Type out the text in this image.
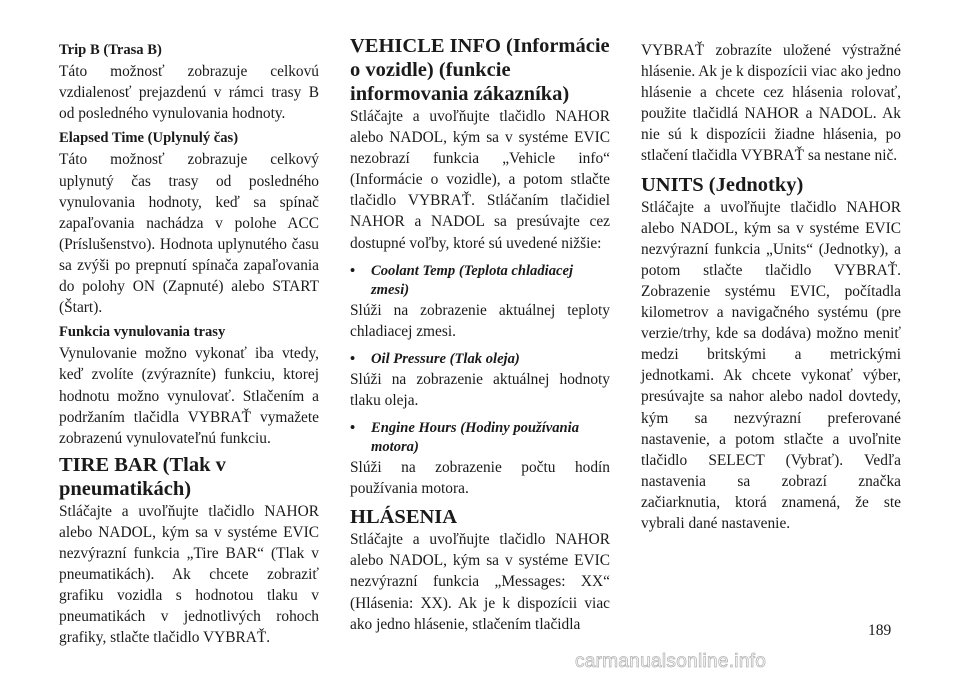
Trip B (Trasa B)

Táto možnosť zobrazuje celkovú vzdialenosť prejazdenú v rámci trasy B od posledného vynulovania hodnoty.

Elapsed Time (Uplynulý čas)

Táto možnosť zobrazuje celkový uplynutý čas trasy od posledného vynulovania hodnoty, keď sa spínač zapaľovania nachádza v polohe ACC (Príslušenstvo). Hodnota uplynutého času sa zvýši po prepnutí spínača zapaľovania do polohy ON (Zapnuté) alebo START (Štart).

Funkcia vynulovania trasy

Vynulovanie možno vykonať iba vtedy, keď zvolíte (zvýrazníte) funkciu, ktorej hodnotu možno vynulovať. Stlačením a podržaním tlačidla VYBRAŤ vymažete zobrazenú vynulovateľnú funkciu.

TIRE BAR (Tlak v pneumatikách)

Stláčajte a uvoľňujte tlačidlo NAHOR alebo NADOL, kým sa v systéme EVIC nezvýrazní funkcia „Tire BAR“ (Tlak v pneumatikách). Ak chcete zobraziť grafiku vozidla s hodnotou tlaku v pneumatikách v jednotlivých rohoch grafiky, stlačte tlačidlo VYBRAŤ.

VEHICLE INFO (Informácie o vozidle) (funkcie informovania zákazníka)

Stláčajte a uvoľňujte tlačidlo NAHOR alebo NADOL, kým sa v systéme EVIC nezobrazí funkcia „Vehicle info“ (Informácie o vozidle), a potom stlačte tlačidlo VYBRAŤ. Stláčaním tlačidiel NAHOR a NADOL sa presúvajte cez dostupné voľby, ktoré sú uvedené nižšie:

• Coolant Temp (Teplota chladiacej zmesi)

Slúži na zobrazenie aktuálnej teploty chladiacej zmesi.

• Oil Pressure (Tlak oleja)

Slúži na zobrazenie aktuálnej hodnoty tlaku oleja.

• Engine Hours (Hodiny používania motora)

Slúži na zobrazenie počtu hodín používania motora.

HLÁSENIA

Stláčajte a uvoľňujte tlačidlo NAHOR alebo NADOL, kým sa v systéme EVIC nezvýrazní funkcia „Messages: XX“ (Hlásenia: XX). Ak je k dispozícii viac ako jedno hlásenie, stlačením tlačidla

VYBRAŤ zobrazíte uložené výstražné hlásenie. Ak je k dispozícii viac ako jedno hlásenie a chcete cez hlásenia rolovať, použite tlačidlá NAHOR a NADOL. Ak nie sú k dispozícii žiadne hlásenia, po stlačení tlačidla VYBRAŤ sa nestane nič.

UNITS (Jednotky)

Stláčajte a uvoľňujte tlačidlo NAHOR alebo NADOL, kým sa v systéme EVIC nezvýrazní funkcia „Units“ (Jednotky), a potom stlačte tlačidlo VYBRAŤ. Zobrazenie systému EVIC, počítadla kilometrov a navigačného systému (pre verzie/trhy, kde sa dodáva) možno meniť medzi britskými a metrickými jednotkami. Ak chcete vykonať výber, presúvajte sa nahor alebo nadol dovtedy, kým sa nezvýrazní preferované nastavenie, a potom stlačte a uvoľnite tlačidlo SELECT (Vybrať). Vedľa nastavenia sa zobrazí značka začiarknutia, ktorá znamená, že ste vybrali dané nastavenie.

189
carmanualsonline.info
